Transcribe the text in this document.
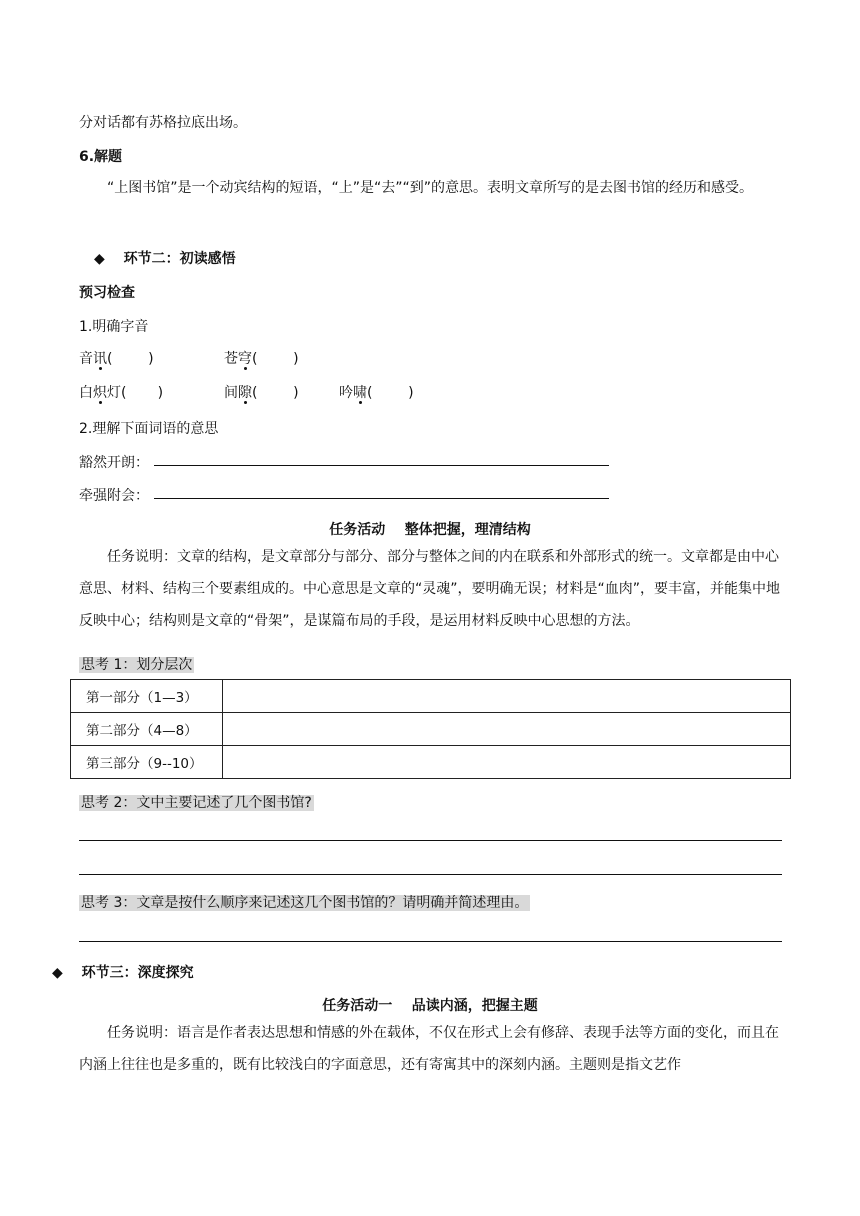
分对话都有苏格拉底出场。
6.解题
“上图书馆”是一个动宾结构的短语，“上”是“去”“到”的意思。表明文章所写的是去图书馆的经历和感受。
◆ 环节二：初读感悟
预习检查
1.明确字音
音讯(        )	苍穹(        )
白炽灯(       )	间隙(        )	吟啸(        )
2.理解下面词语的意思
豁然开朗：
牵强附会：
任务活动    整体把握，理清结构
任务说明：文章的结构，是文章部分与部分、部分与整体之间的内在联系和外部形式的统一。文章都是由中心意思、材料、结构三个要素组成的。中心意思是文章的“灵魂”，要明确无误；材料是“血肉”，要丰富，并能集中地反映中心；结构则是文章的“骨架”，是谋篇布局的手段，是运用材料反映中心思想的方法。
思考 1：划分层次
第一部分（1—3）	
第二部分（4—8）	
第三部分（9--10）	
思考 2：文中主要记述了几个图书馆?
思考 3：文章是按什么顺序来记述这几个图书馆的？请明确并简述理由。
◆ 环节三：深度探究
任务活动一    品读内涵，把握主题
任务说明：语言是作者表达思想和情感的外在载体，不仅在形式上会有修辞、表现手法等方面的变化，而且在内涵上往往也是多重的，既有比较浅白的字面意思，还有寄寓其中的深刻内涵。主题则是指文艺作
